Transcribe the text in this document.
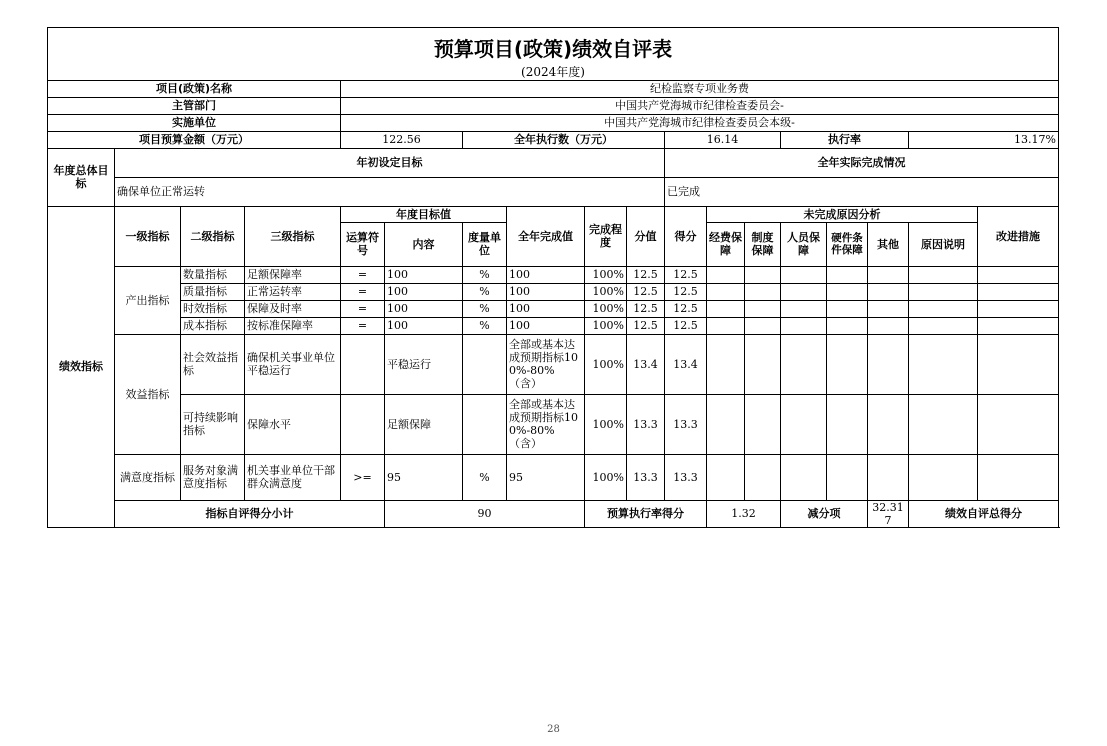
预算项目(政策)绩效自评表																		
(2024年度)																		
项目(政策)名称				纪检监察专项业务费														
主管部门				中国共产党海城市纪律检查委员会-														
实施单位				中国共产党海城市纪律检查委员会本级-														
项目预算金额（万元）				122.56		全年执行数（万元）				16.14			执行率			13.17%		
年度总体目标	年初设定目标									全年实际完成情况								
	确保单位正常运转									已完成								
绩效指标	一级指标	二级指标	三级指标	年度目标值			全年完成值	完成程度	分值	得分	未完成原因分析						改进措施	
				运算符号	内容	度量单位					经费保障	制度保障	人员保障	硬件条件保障	其他	原因说明		

	产出指标	数量指标	足额保障率	=	100	%	100	100%	12.5	12.5								
		质量指标	正常运转率	=	100	%	100	100%	12.5	12.5								
		时效指标	保障及时率	=	100	%	100	100%	12.5	12.5								
		成本指标	按标准保障率	=	100	%	100	100%	12.5	12.5								
	效益指标	社会效益指标	确保机关事业单位平稳运行		平稳运行		全部或基本达成预期指标100%-80%（含）	100%	13.4	13.4								
		可持续影响指标	保障水平		足额保障		全部或基本达成预期指标100%-80%（含）	100%	13.3	13.3								
	满意度指标	服务对象满意度指标	机关事业单位干部群众满意度	>=	95	%	95	100%	13.3	13.3								
	指标自评得分小计				90			预算执行率得分			1.32		减分项		32.317	绩效自评总得分	
28
